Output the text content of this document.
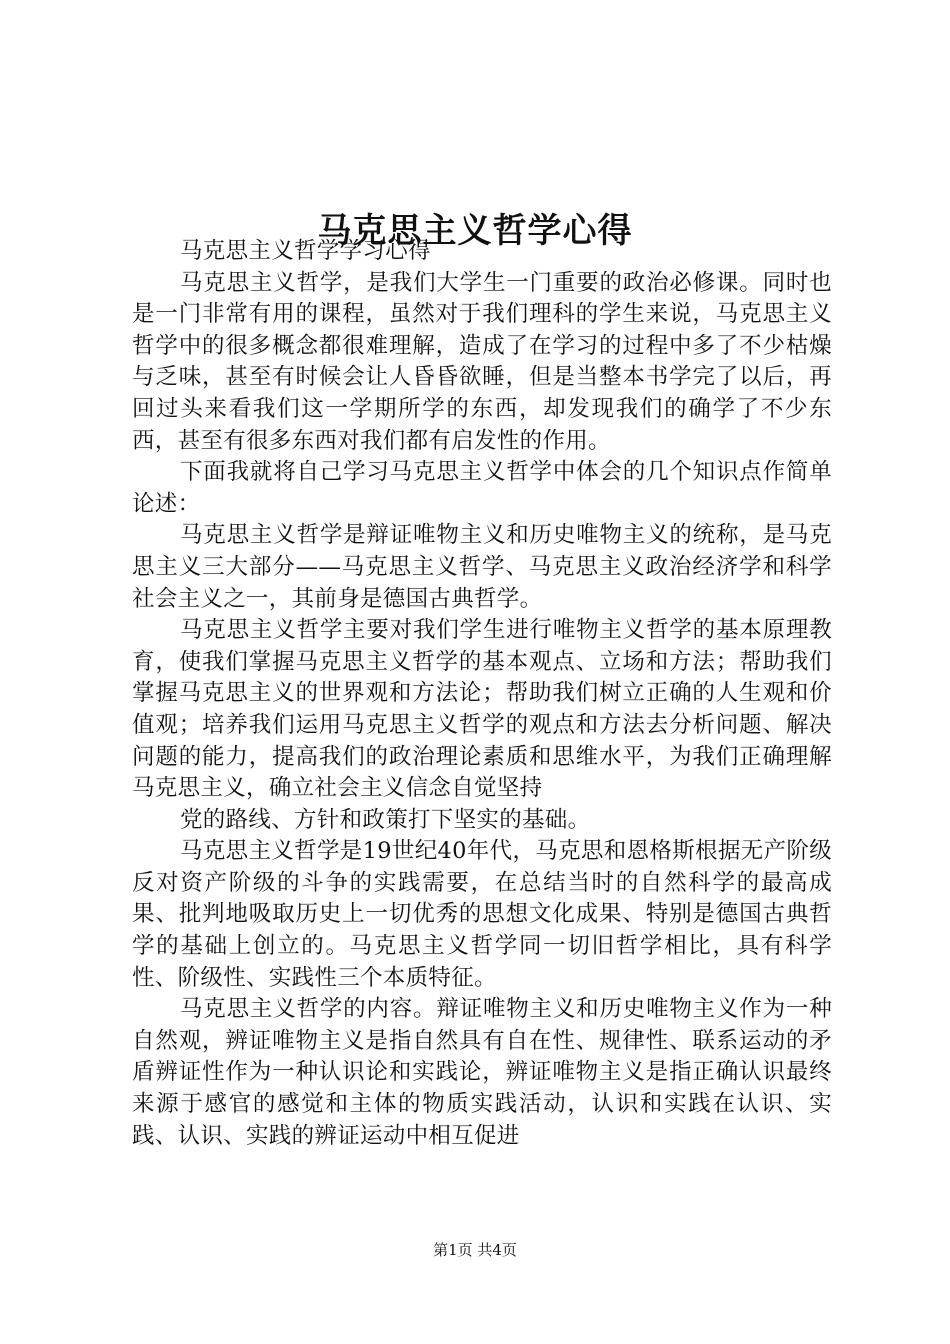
马克思主义哲学心得

马克思主义哲学学习心得

马克思主义哲学，是我们大学生一门重要的政治必修课。同时也是一门非常有用的课程，虽然对于我们理科的学生来说，马克思主义哲学中的很多概念都很难理解，造成了在学习的过程中多了不少枯燥与乏味，甚至有时候会让人昏昏欲睡，但是当整本书学完了以后，再回过头来看我们这一学期所学的东西，却发现我们的确学了不少东西，甚至有很多东西对我们都有启发性的作用。

下面我就将自己学习马克思主义哲学中体会的几个知识点作简单论述：

马克思主义哲学是辩证唯物主义和历史唯物主义的统称，是马克思主义三大部分——马克思主义哲学、马克思主义政治经济学和科学社会主义之一，其前身是德国古典哲学。

马克思主义哲学主要对我们学生进行唯物主义哲学的基本原理教育，使我们掌握马克思主义哲学的基本观点、立场和方法；帮助我们掌握马克思主义的世界观和方法论；帮助我们树立正确的人生观和价值观；培养我们运用马克思主义哲学的观点和方法去分析问题、解决问题的能力，提高我们的政治理论素质和思维水平，为我们正确理解马克思主义，确立社会主义信念自觉坚持

党的路线、方针和政策打下坚实的基础。

马克思主义哲学是19世纪40年代，马克思和恩格斯根据无产阶级反对资产阶级的斗争的实践需要，在总结当时的自然科学的最高成果、批判地吸取历史上一切优秀的思想文化成果、特别是德国古典哲学的基础上创立的。马克思主义哲学同一切旧哲学相比，具有科学性、阶级性、实践性三个本质特征。

马克思主义哲学的内容。辩证唯物主义和历史唯物主义作为一种自然观，辨证唯物主义是指自然具有自在性、规律性、联系运动的矛盾辨证性作为一种认识论和实践论，辨证唯物主义是指正确认识最终来源于感官的感觉和主体的物质实践活动，认识和实践在认识、实践、认识、实践的辨证运动中相互促进

第1页 共4页
